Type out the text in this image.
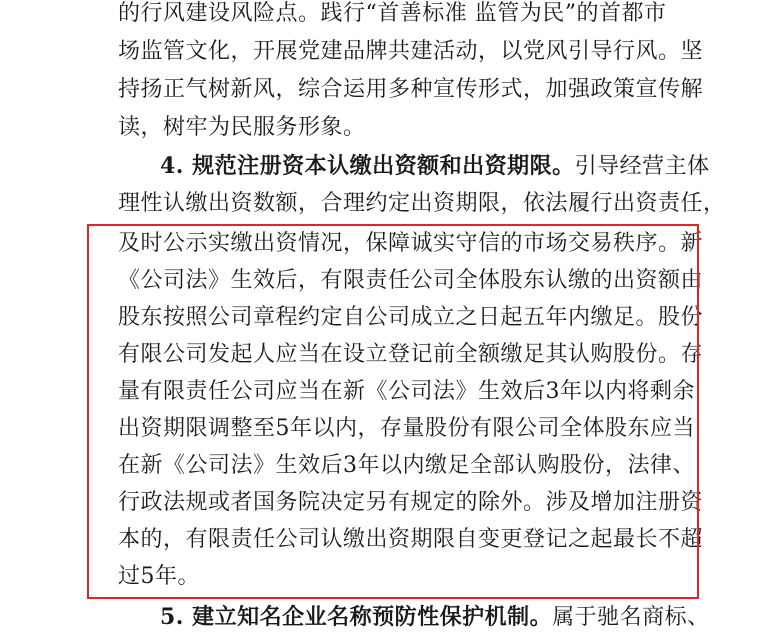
的行风建设风险点。践行“首善标准 监管为民”的首都市
场监管文化，开展党建品牌共建活动，以党风引导行风。坚
持扬正气树新风，综合运用多种宣传形式，加强政策宣传解
读，树牢为民服务形象。
4. 规范注册资本认缴出资额和出资期限。引导经营主体
理性认缴出资数额，合理约定出资期限，依法履行出资责任，
及时公示实缴出资情况，保障诚实守信的市场交易秩序。新
《公司法》生效后，有限责任公司全体股东认缴的出资额由
股东按照公司章程约定自公司成立之日起五年内缴足。股份
有限公司发起人应当在设立登记前全额缴足其认购股份。存
量有限责任公司应当在新《公司法》生效后3年以内将剩余
出资期限调整至5年以内，存量股份有限公司全体股东应当
在新《公司法》生效后3年以内缴足全部认购股份，法律、
行政法规或者国务院决定另有规定的除外。涉及增加注册资
本的，有限责任公司认缴出资期限自变更登记之起最长不超
过5年。
5. 建立知名企业名称预防性保护机制。属于驰名商标、
